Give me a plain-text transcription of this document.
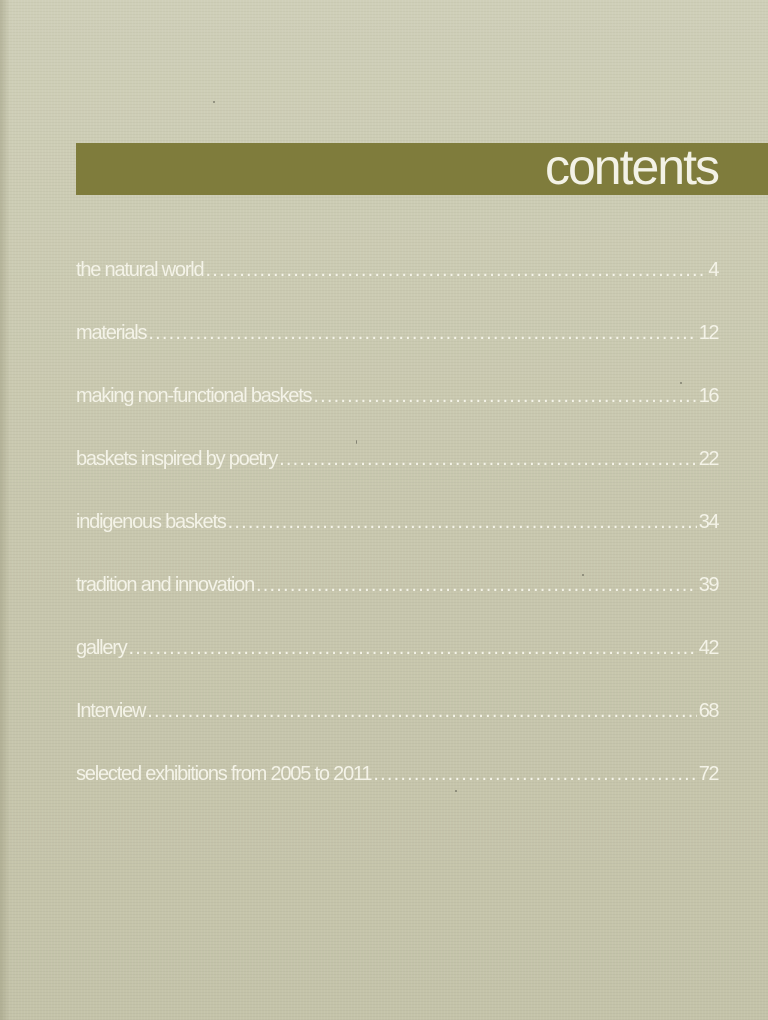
contents
the natural world .....	4
materials .....	12
making non-functional baskets .....	16
baskets inspired by poetry .....	22
indigenous baskets .....	34
tradition and innovation .....	39
gallery .....	42
Interview .....	68
selected exhibitions from 2005 to 2011 .....	72
